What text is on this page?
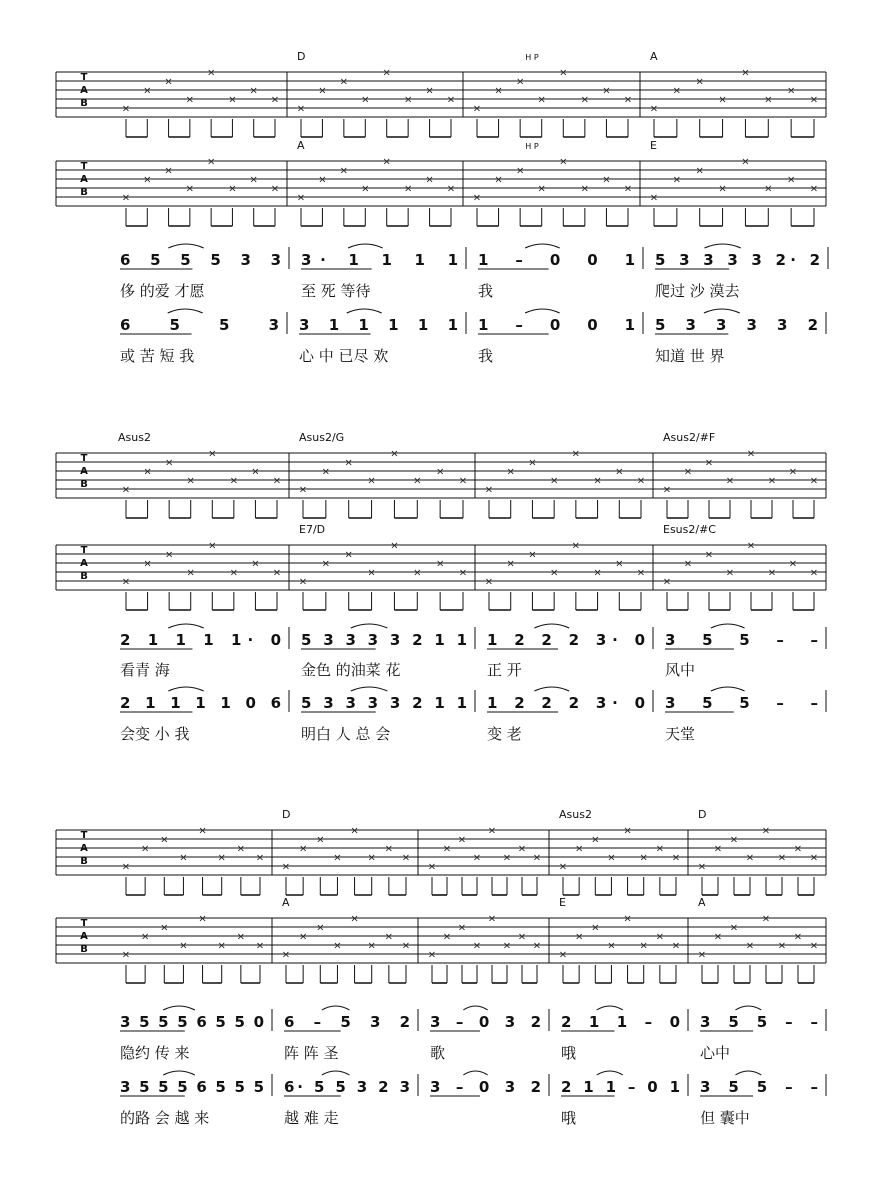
T
A
B
D	A
×
×
×
×
×
×
×
×
×
×
×
×
×
×
×
×
×
×
×
×
×
×
×
×
×
×
×
×
×
×
×
×
T
A
B
A	E
×
×
×
×
×
×
×
×
×
×
×
×
×
×
×
×
×
×
×
×
×
×
×
×
×
×
×
×
×
×
×
×
H P
H P
6 5 5 5 3 3 3· 1 1 1 1 1 – 0 0 1 5 3 3 3 3 2· 2
侈 的爱 才愿	至 死 等待	我	爬过 沙 漠去
6 5 5 3 3 1 1 1 1 1 1 – 0 0 1 5 3 3 3 3 2
或 苦 短 我	心 中 已尽 欢	我	知道 世 界
T
A
B
Asus2	Asus2/G	Asus2/#F
×
×
×
×
×
×
×
×
×
×
×
×
×
×
×
×
×
×
×
×
×
×
×
×
×
×
×
×
×
×
×
×
T
A
B
E7/D	Esus2/#C
×
×
×
×
×
×
×
×
×
×
×
×
×
×
×
×
×
×
×
×
×
×
×
×
×
×
×
×
×
×
×
×
2 1 1 1 1· 0 5 3 3 3 3 2 1 1 1 2 2 2 3· 0 3 5 5 – –
看青 海	金色 的油菜 花	正 开	风中
2 1 1 1 1 0 6 5 3 3 3 3 2 1 1 1 2 2 2 3· 0 3 5 5 – –
会变 小 我	明白 人 总 会	变 老	天堂
T
A
B
D	Asus2	D
×
×
×
×
×
×
×
×
×
×
×
×
×
×
×
×
×
×
×
×
×
×
×
×
×
×
×
×
×
×
×
×
×
×
×
×
×
×
×
×
T
A
B
A	E	A
×
×
×
×
×
×
×
×
×
×
×
×
×
×
×
×
×
×
×
×
×
×
×
×
×
×
×
×
×
×
×
×
×
×
×
×
×
×
×
×
3 5 5 5 6 5 5 0 6 – 5 3 2 3 – 0 3 2 2 1 1 – 0 3 5 5 – –
隐约 传 来	阵 阵 圣	歌	哦	心中
3 5 5 5 6 5 5 5 6· 5 5 3 2 3 3 – 0 3 2 2 1 1 – 0 1 3 5 5 – –
的路 会 越 来	越 难 走	哦	但 囊中
